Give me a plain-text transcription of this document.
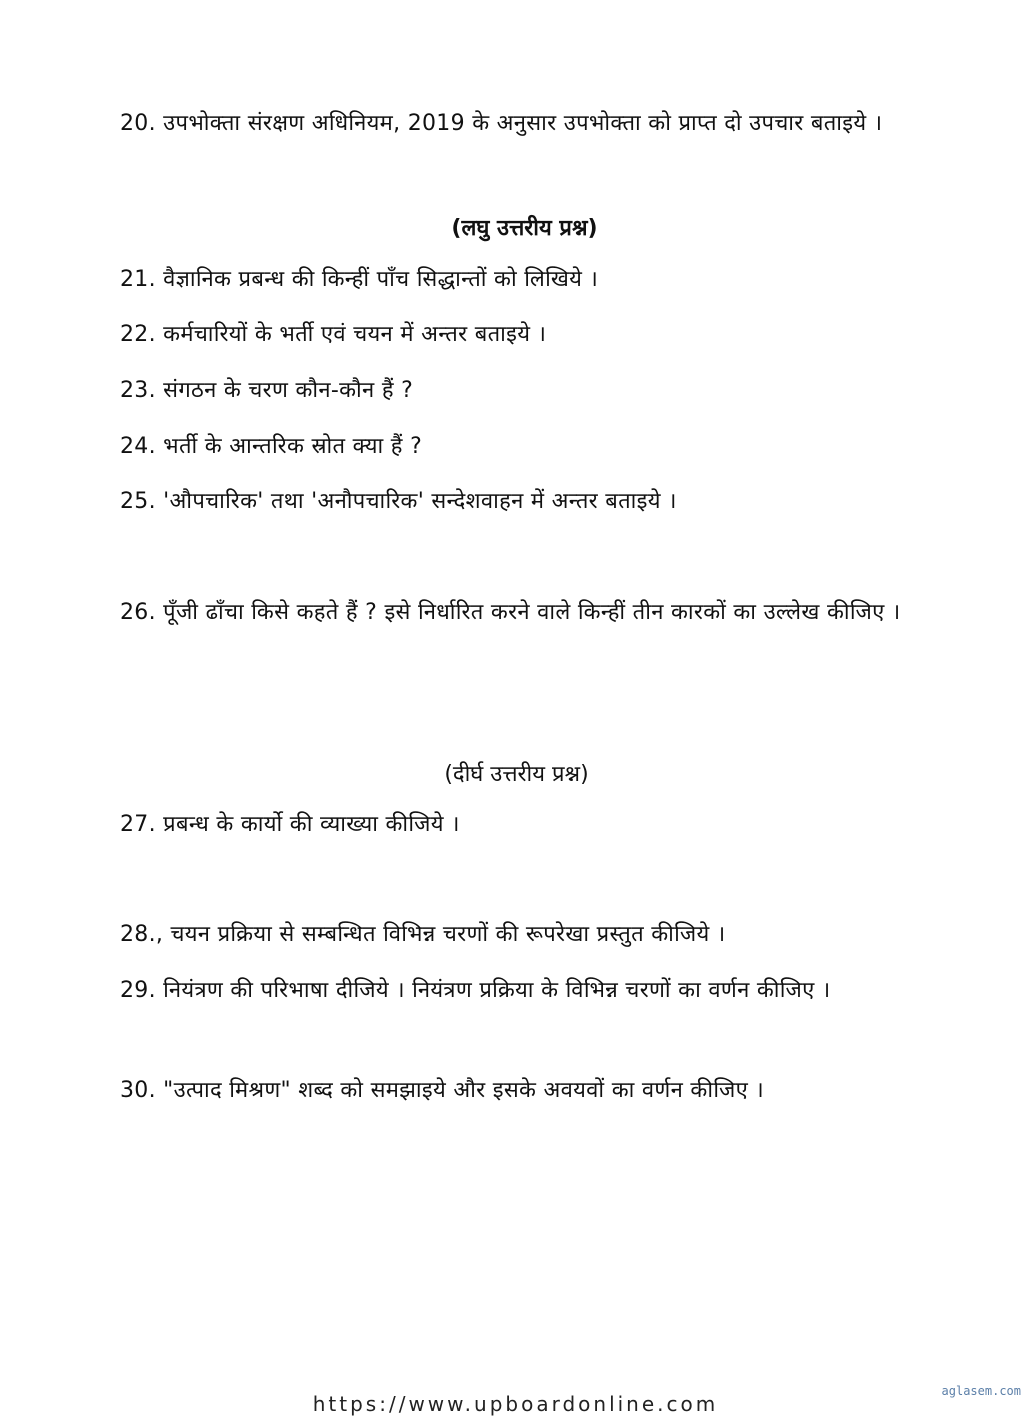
20. उपभोक्ता संरक्षण अधिनियम, 2019 के अनुसार उपभोक्ता को प्राप्त दो उपचार बताइये ।

(लघु उत्तरीय प्रश्न)

21. वैज्ञानिक प्रबन्ध की किन्हीं पाँच सिद्धान्तों को लिखिये ।

22. कर्मचारियों के भर्ती एवं चयन में अन्तर बताइये ।

23. संगठन के चरण कौन-कौन हैं ?

24. भर्ती के आन्तरिक स्रोत क्या हैं ?

25. 'औपचारिक' तथा 'अनौपचारिक' सन्देशवाहन में अन्तर बताइये ।

26. पूँजी ढाँचा किसे कहते हैं ? इसे निर्धारित करने वाले किन्हीं तीन कारकों का उल्लेख कीजिए ।

(दीर्घ उत्तरीय प्रश्न)

27. प्रबन्ध के कार्यो की व्याख्या कीजिये ।

28., चयन प्रक्रिया से सम्बन्धित विभिन्न चरणों की रूपरेखा प्रस्तुत कीजिये ।

29. नियंत्रण की परिभाषा दीजिये । नियंत्रण प्रक्रिया के विभिन्न चरणों का वर्णन कीजिए ।

30. "उत्पाद मिश्रण" शब्द को समझाइये और इसके अवयवों का वर्णन कीजिए ।

https://www.upboardonline.com
aglasem.com
